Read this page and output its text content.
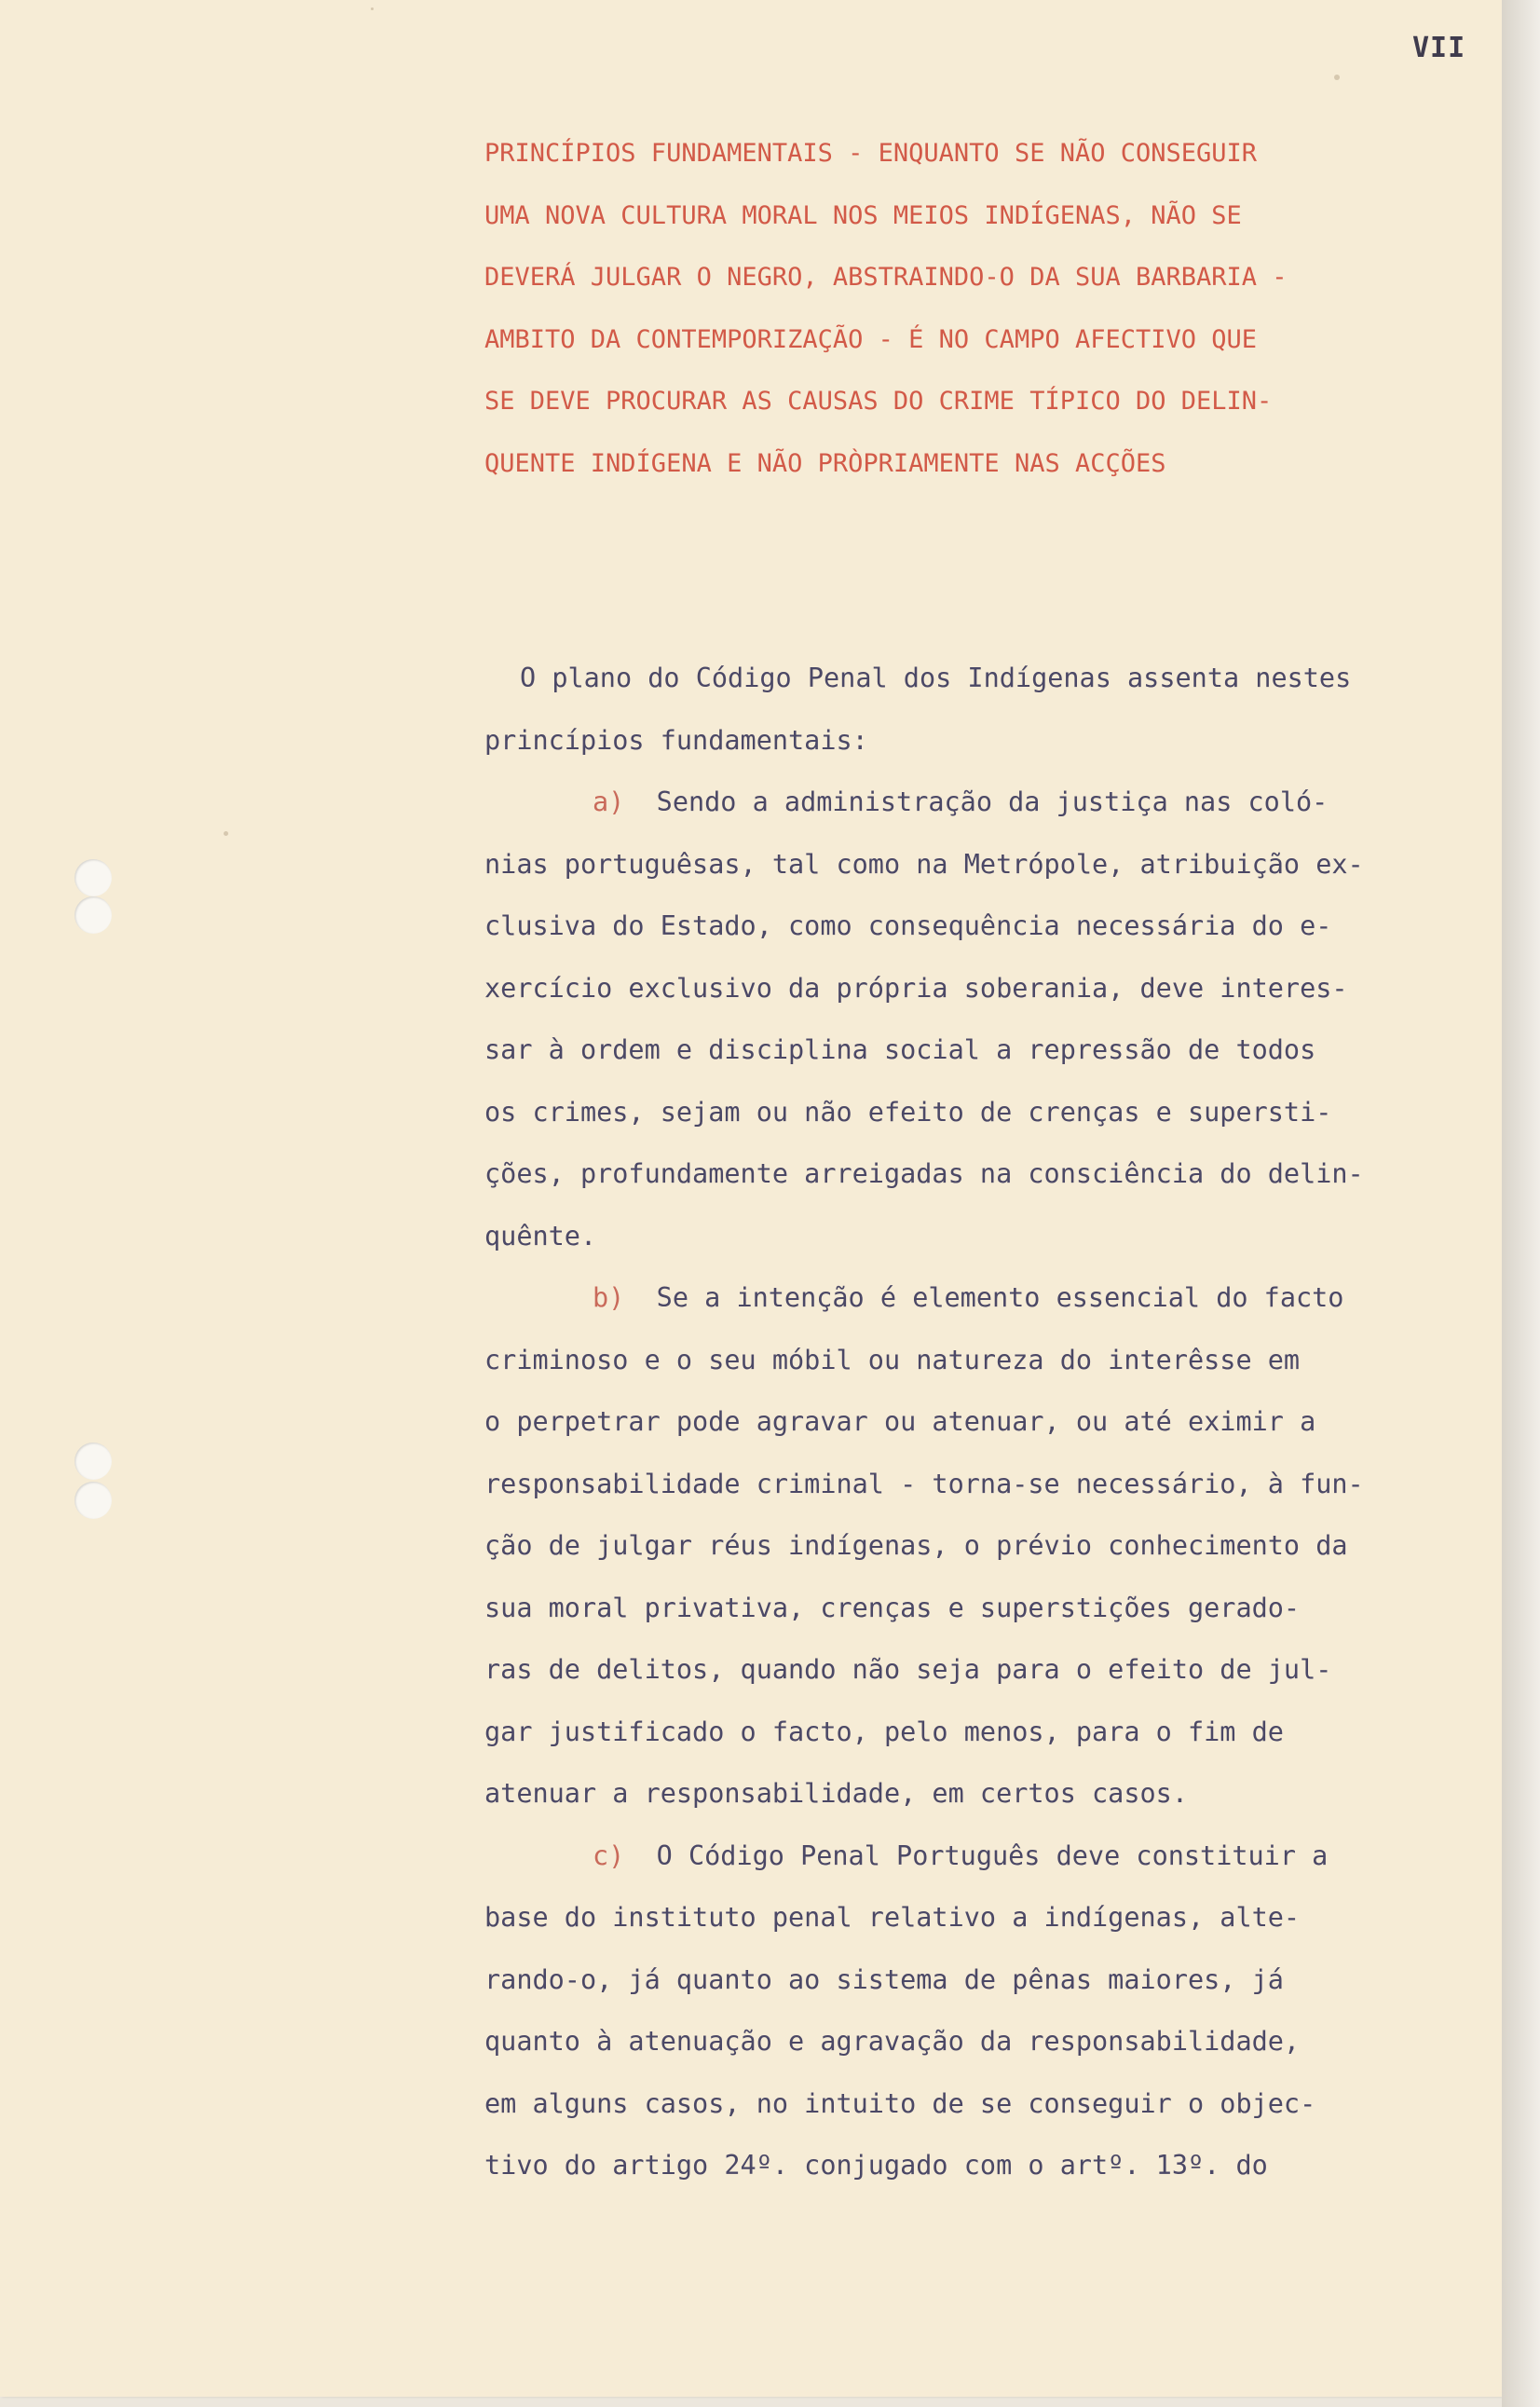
VII
PRINCÍPIOS FUNDAMENTAIS - ENQUANTO SE NÃO CONSEGUIR
UMA NOVA CULTURA MORAL NOS MEIOS INDÍGENAS, NÃO SE
DEVERÁ JULGAR O NEGRO, ABSTRAINDO-O DA SUA BARBARIA -
AMBITO DA CONTEMPORIZAÇÃO - É NO CAMPO AFECTIVO QUE
SE DEVE PROCURAR AS CAUSAS DO CRIME TÍPICO DO DELIN-
QUENTE INDÍGENA E NÃO PRÒPRIAMENTE NAS ACÇÕES
O plano do Código Penal dos Indígenas assenta nestes
princípios fundamentais:
a) Sendo a administração da justiça nas coló-
nias portuguêsas, tal como na Metrópole, atribuição ex-
clusiva do Estado, como consequência necessária do e-
xercício exclusivo da própria soberania, deve interes-
sar à ordem e disciplina social a repressão de todos
os crimes, sejam ou não efeito de crenças e supersti-
ções, profundamente arreigadas na consciência do delin-
quênte.
b) Se a intenção é elemento essencial do facto
criminoso e o seu móbil ou natureza do interêsse em
o perpetrar pode agravar ou atenuar, ou até eximir a
responsabilidade criminal - torna-se necessário, à fun-
ção de julgar réus indígenas, o prévio conhecimento da
sua moral privativa, crenças e superstições gerado-
ras de delitos, quando não seja para o efeito de jul-
gar justificado o facto, pelo menos, para o fim de
atenuar a responsabilidade, em certos casos.
c) O Código Penal Português deve constituir a
base do instituto penal relativo a indígenas, alte-
rando-o, já quanto ao sistema de pênas maiores, já
quanto à atenuação e agravação da responsabilidade,
em alguns casos, no intuito de se conseguir o objec-
tivo do artigo 24º. conjugado com o artº. 13º. do
